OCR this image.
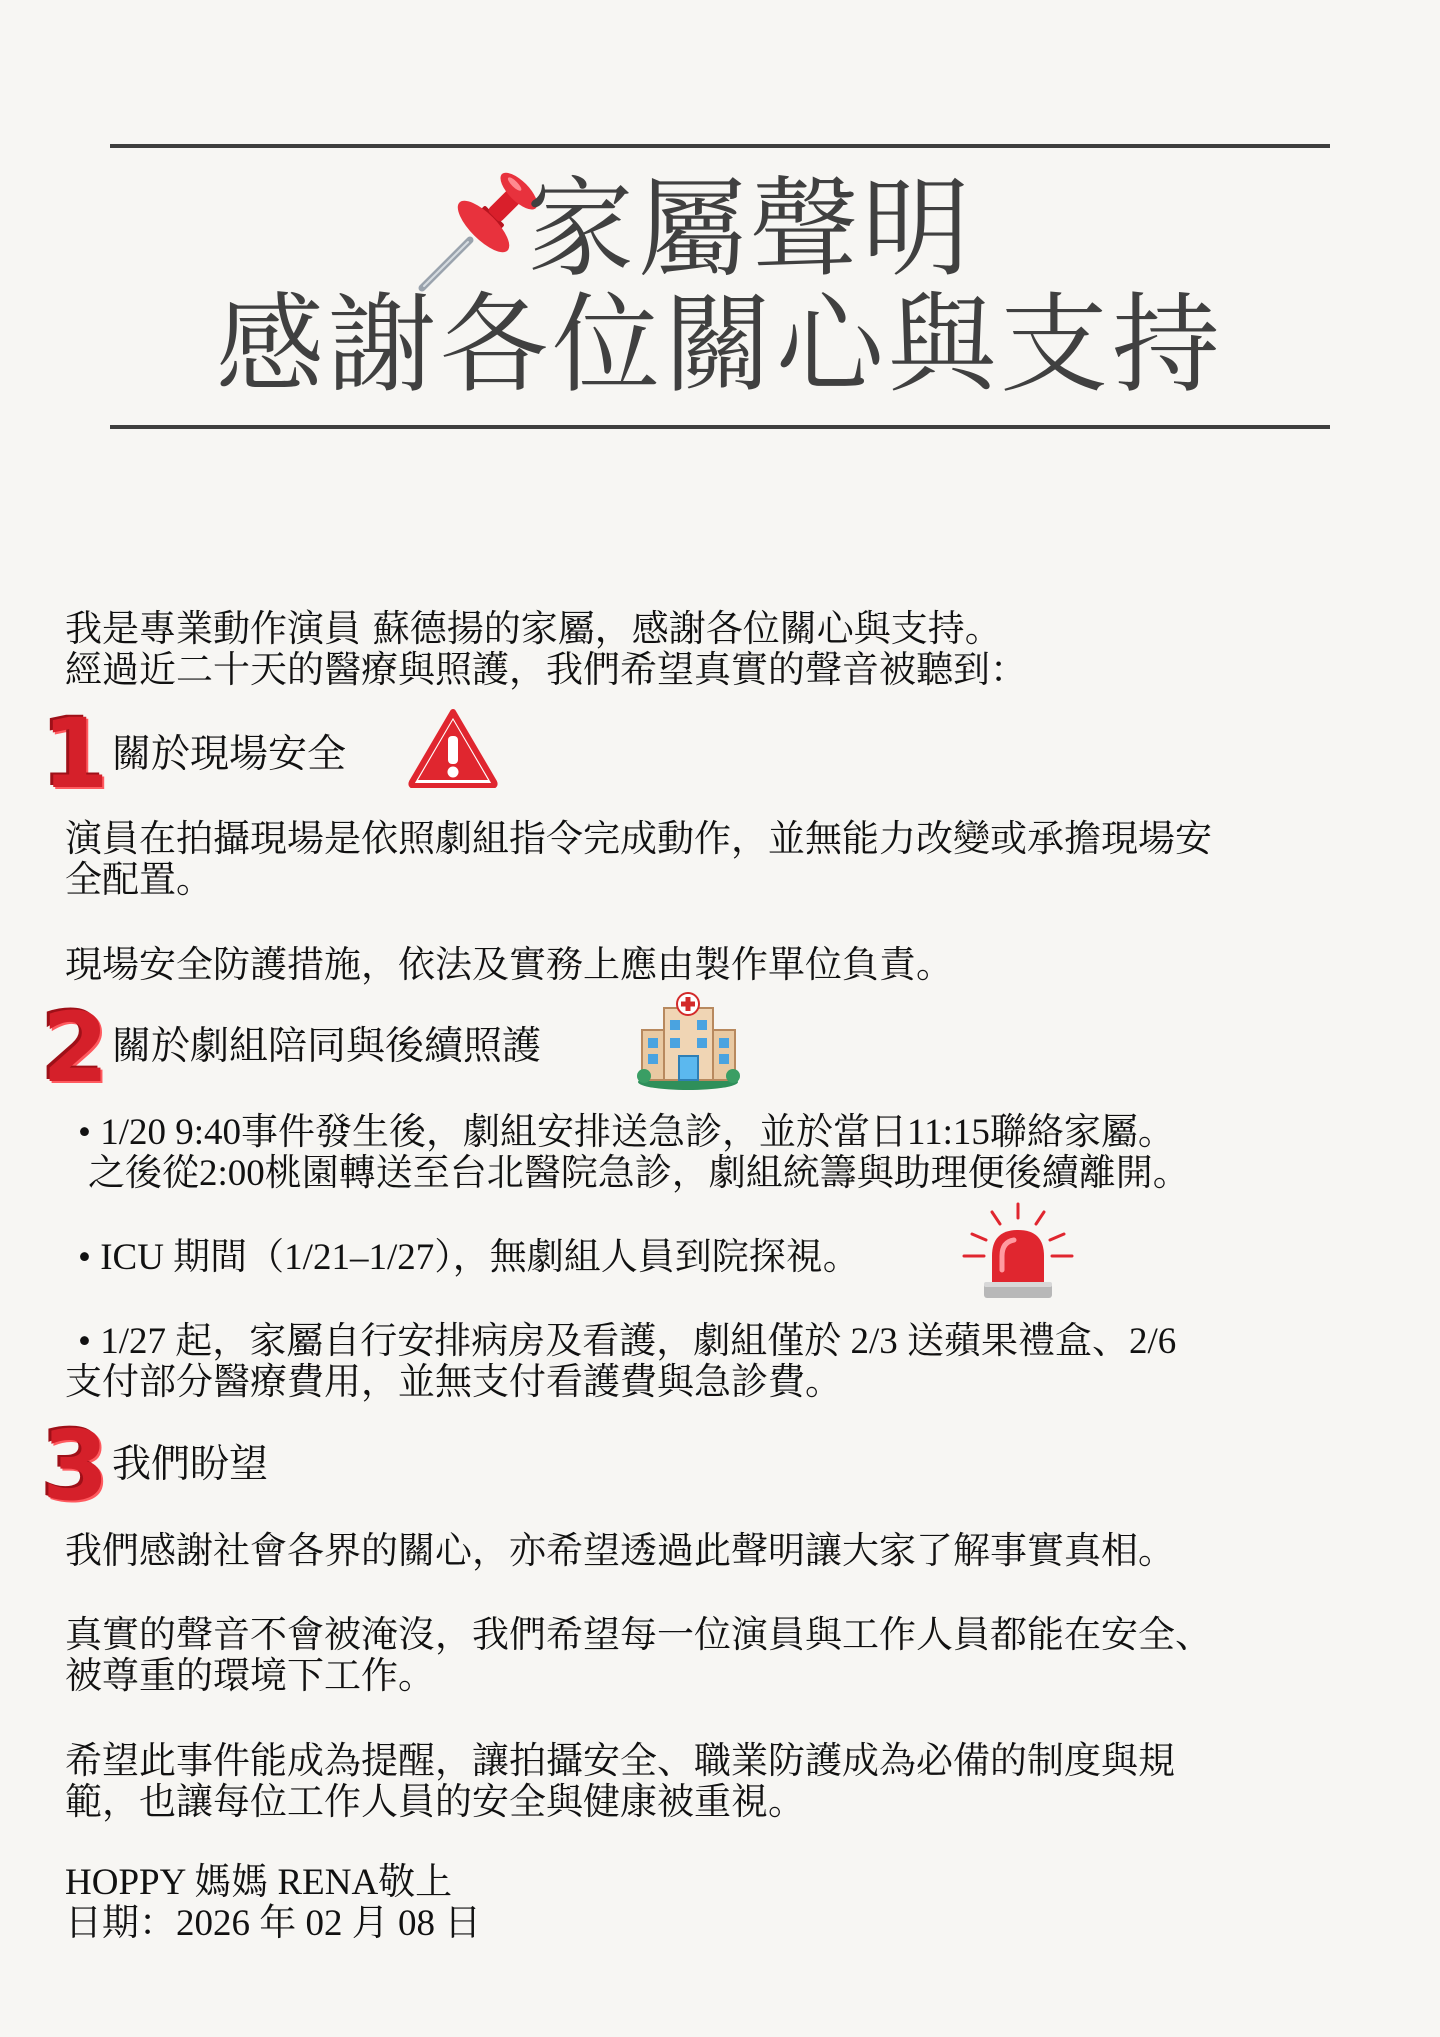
家屬聲明
感謝各位關心與支持
我是專業動作演員 蘇德揚的家屬，感謝各位關心與支持。
經過近二十天的醫療與照護，我們希望真實的聲音被聽到：
1 關於現場安全
演員在拍攝現場是依照劇組指令完成動作，並無能力改變或承擔現場安
全配置。
現場安全防護措施，依法及實務上應由製作單位負責。
2 關於劇組陪同與後續照護
• 1/20 9:40事件發生後，劇組安排送急診，並於當日11:15聯絡家屬。
之後從2:00桃園轉送至台北醫院急診，劇組統籌與助理便後續離開。
• ICU 期間（1/21–1/27），無劇組人員到院探視。
• 1/27 起，家屬自行安排病房及看護，劇組僅於 2/3 送蘋果禮盒、2/6
支付部分醫療費用，並無支付看護費與急診費。
3 我們盼望
我們感謝社會各界的關心，亦希望透過此聲明讓大家了解事實真相。
真實的聲音不會被淹沒，我們希望每一位演員與工作人員都能在安全、
被尊重的環境下工作。
希望此事件能成為提醒，讓拍攝安全、職業防護成為必備的制度與規
範，也讓每位工作人員的安全與健康被重視。
HOPPY 媽媽 RENA敬上
日期：2026 年 02 月 08 日
